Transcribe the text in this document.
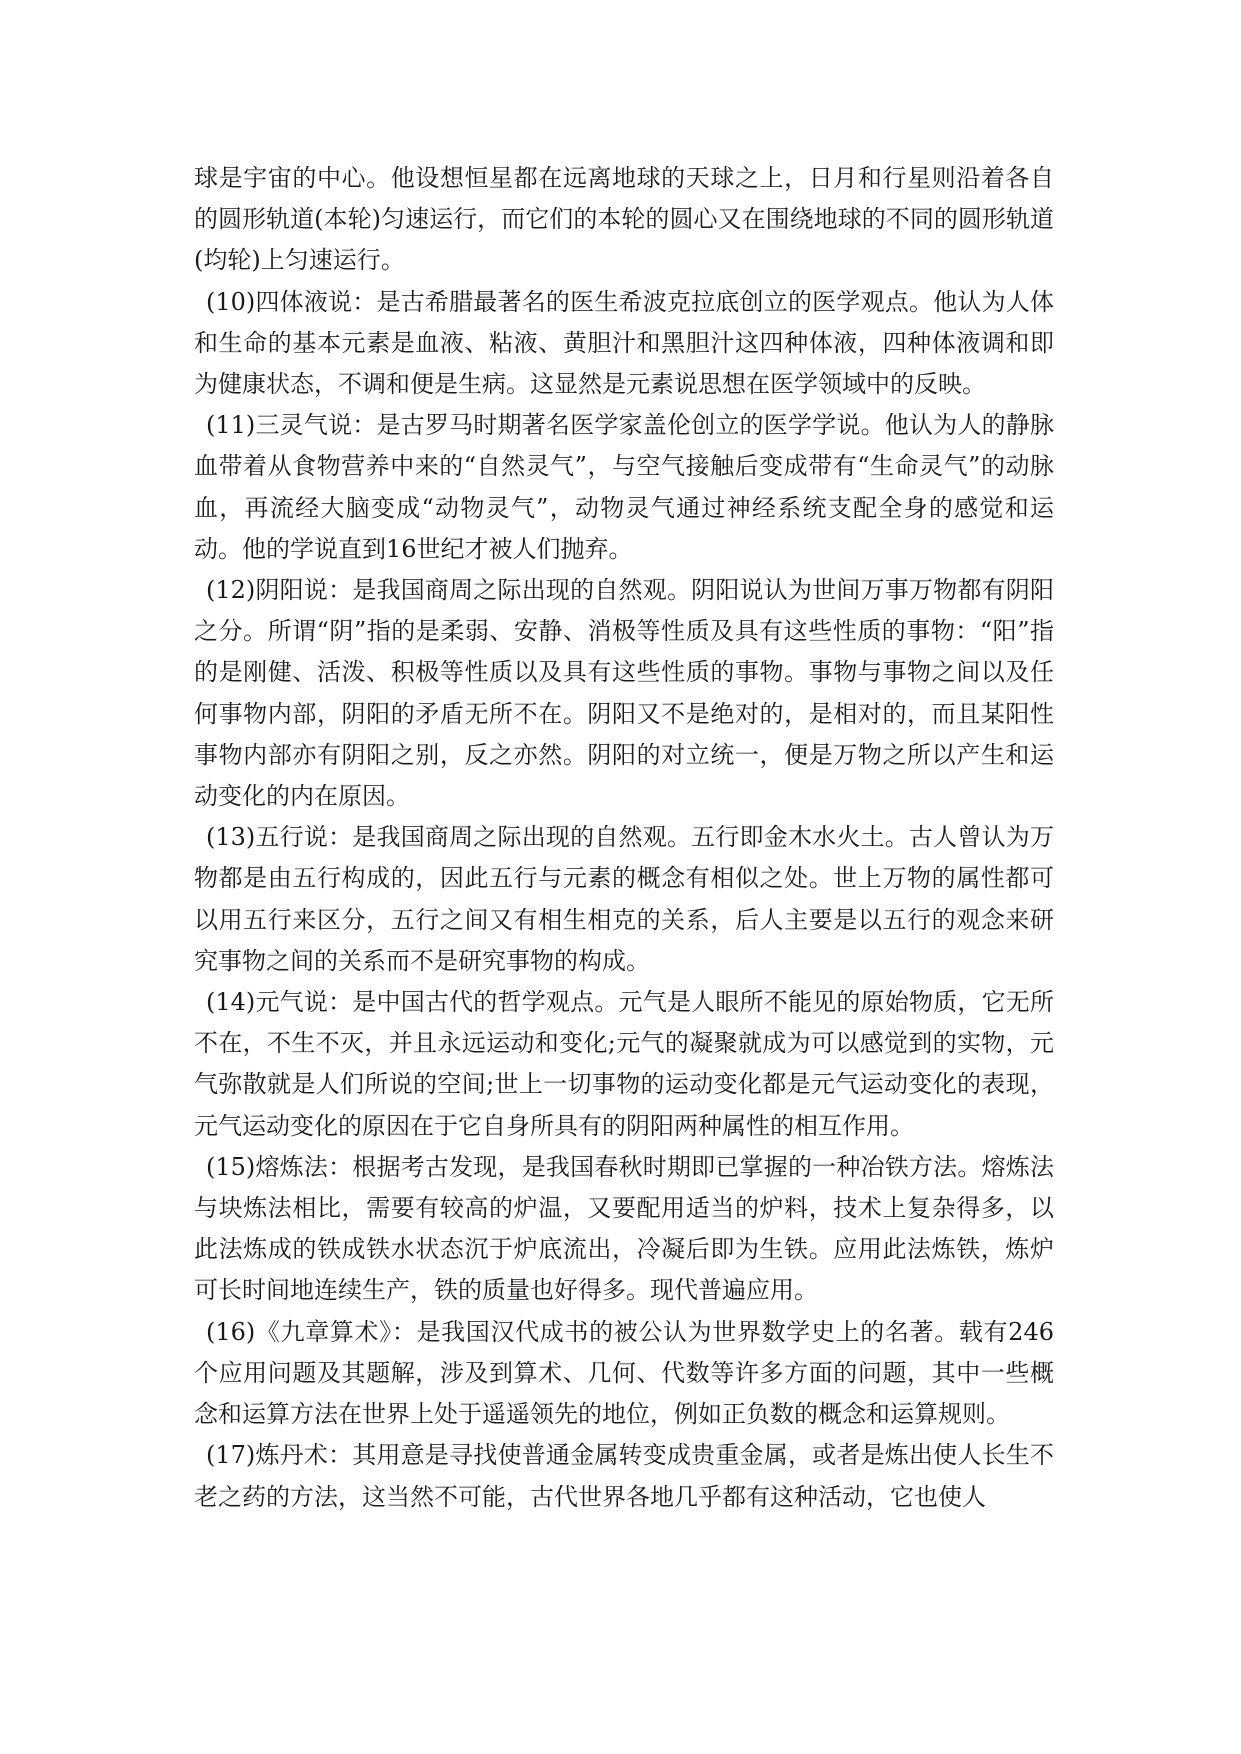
球是宇宙的中心。他设想恒星都在远离地球的天球之上，日月和行星则沿着各自的圆形轨道(本轮)匀速运行，而它们的本轮的圆心又在围绕地球的不同的圆形轨道(均轮)上匀速运行。

(10)四体液说：是古希腊最著名的医生希波克拉底创立的医学观点。他认为人体和生命的基本元素是血液、粘液、黄胆汁和黑胆汁这四种体液，四种体液调和即为健康状态，不调和便是生病。这显然是元素说思想在医学领域中的反映。

(11)三灵气说：是古罗马时期著名医学家盖伦创立的医学学说。他认为人的静脉血带着从食物营养中来的“自然灵气”，与空气接触后变成带有“生命灵气”的动脉血，再流经大脑变成“动物灵气”，动物灵气通过神经系统支配全身的感觉和运动。他的学说直到16世纪才被人们抛弃。

(12)阴阳说：是我国商周之际出现的自然观。阴阳说认为世间万事万物都有阴阳之分。所谓“阴”指的是柔弱、安静、消极等性质及具有这些性质的事物：“阳”指的是刚健、活泼、积极等性质以及具有这些性质的事物。事物与事物之间以及任何事物内部，阴阳的矛盾无所不在。阴阳又不是绝对的，是相对的，而且某阳性事物内部亦有阴阳之别，反之亦然。阴阳的对立统一，便是万物之所以产生和运动变化的内在原因。

(13)五行说：是我国商周之际出现的自然观。五行即金木水火土。古人曾认为万物都是由五行构成的，因此五行与元素的概念有相似之处。世上万物的属性都可以用五行来区分，五行之间又有相生相克的关系，后人主要是以五行的观念来研究事物之间的关系而不是研究事物的构成。

(14)元气说：是中国古代的哲学观点。元气是人眼所不能见的原始物质，它无所不在，不生不灭，并且永远运动和变化;元气的凝聚就成为可以感觉到的实物，元气弥散就是人们所说的空间;世上一切事物的运动变化都是元气运动变化的表现，元气运动变化的原因在于它自身所具有的阴阳两种属性的相互作用。

(15)熔炼法：根据考古发现，是我国春秋时期即已掌握的一种冶铁方法。熔炼法与块炼法相比，需要有较高的炉温，又要配用适当的炉料，技术上复杂得多，以此法炼成的铁成铁水状态沉于炉底流出，冷凝后即为生铁。应用此法炼铁，炼炉可长时间地连续生产，铁的质量也好得多。现代普遍应用。

(16)《九章算术》：是我国汉代成书的被公认为世界数学史上的名著。载有246个应用问题及其题解，涉及到算术、几何、代数等许多方面的问题，其中一些概念和运算方法在世界上处于遥遥领先的地位，例如正负数的概念和运算规则。

(17)炼丹术：其用意是寻找使普通金属转变成贵重金属，或者是炼出使人长生不老之药的方法，这当然不可能，古代世界各地几乎都有这种活动，它也使人
